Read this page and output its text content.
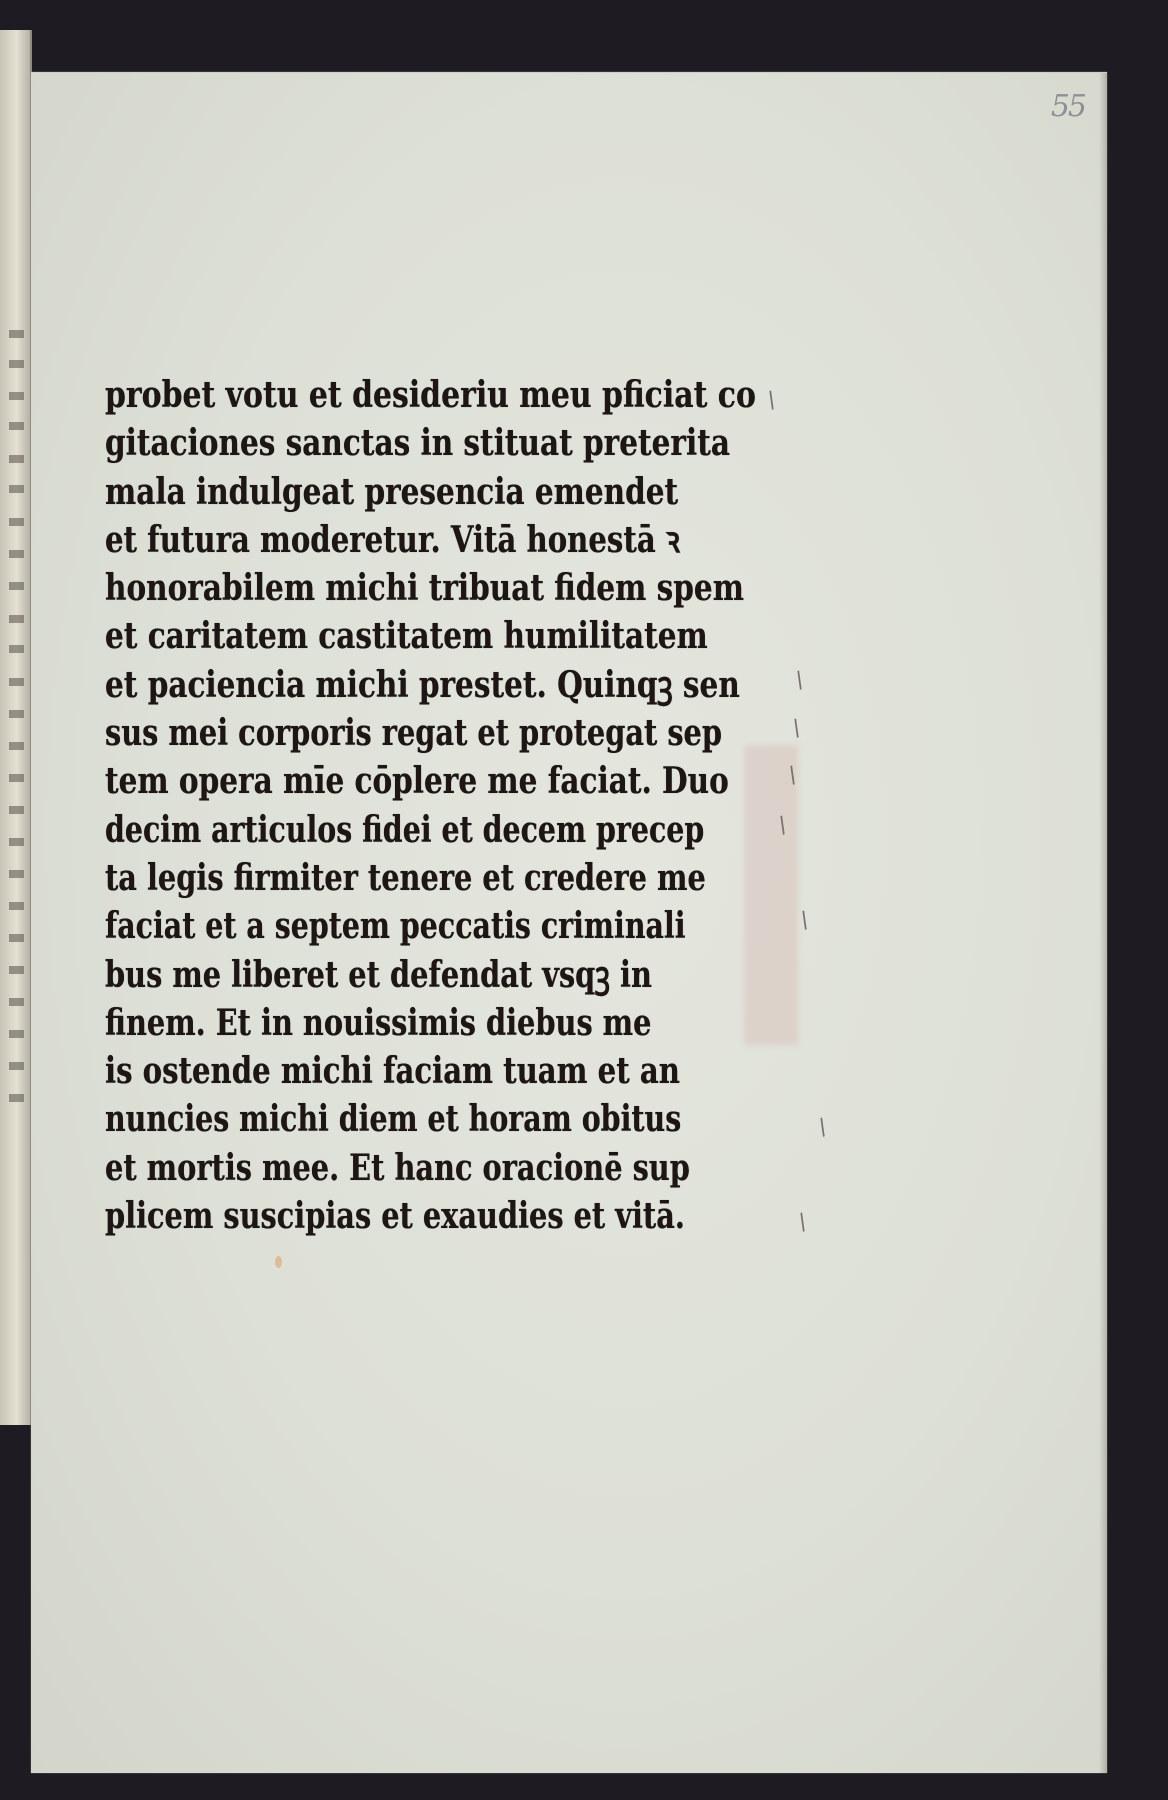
55
probet votu et desideriu meu pficiat co
gitaciones sanctas in stituat preterita
mala indulgeat presencia emendet
et futura moderetur. Vitā honestā ꝛ
honorabilem michi tribuat fidem spem
et caritatem castitatem humilitatem
et paciencia michi prestet. Quinqꝫ sen
sus mei corporis regat et protegat sep
tem opera mīe cōplere me faciat. Duo
decim articulos fidei et decem precep
ta legis firmiter tenere et credere me
faciat et a septem peccatis criminali
bus me liberet et defendat vsqꝫ in
finem. Et in nouissimis diebus me
is ostende michi faciam tuam et an
nuncies michi diem et horam obitus
et mortis mee. Et hanc oracionē sup
plicem suscipias et exaudies et vitā.
/
/
/
/
/
/
/
/
